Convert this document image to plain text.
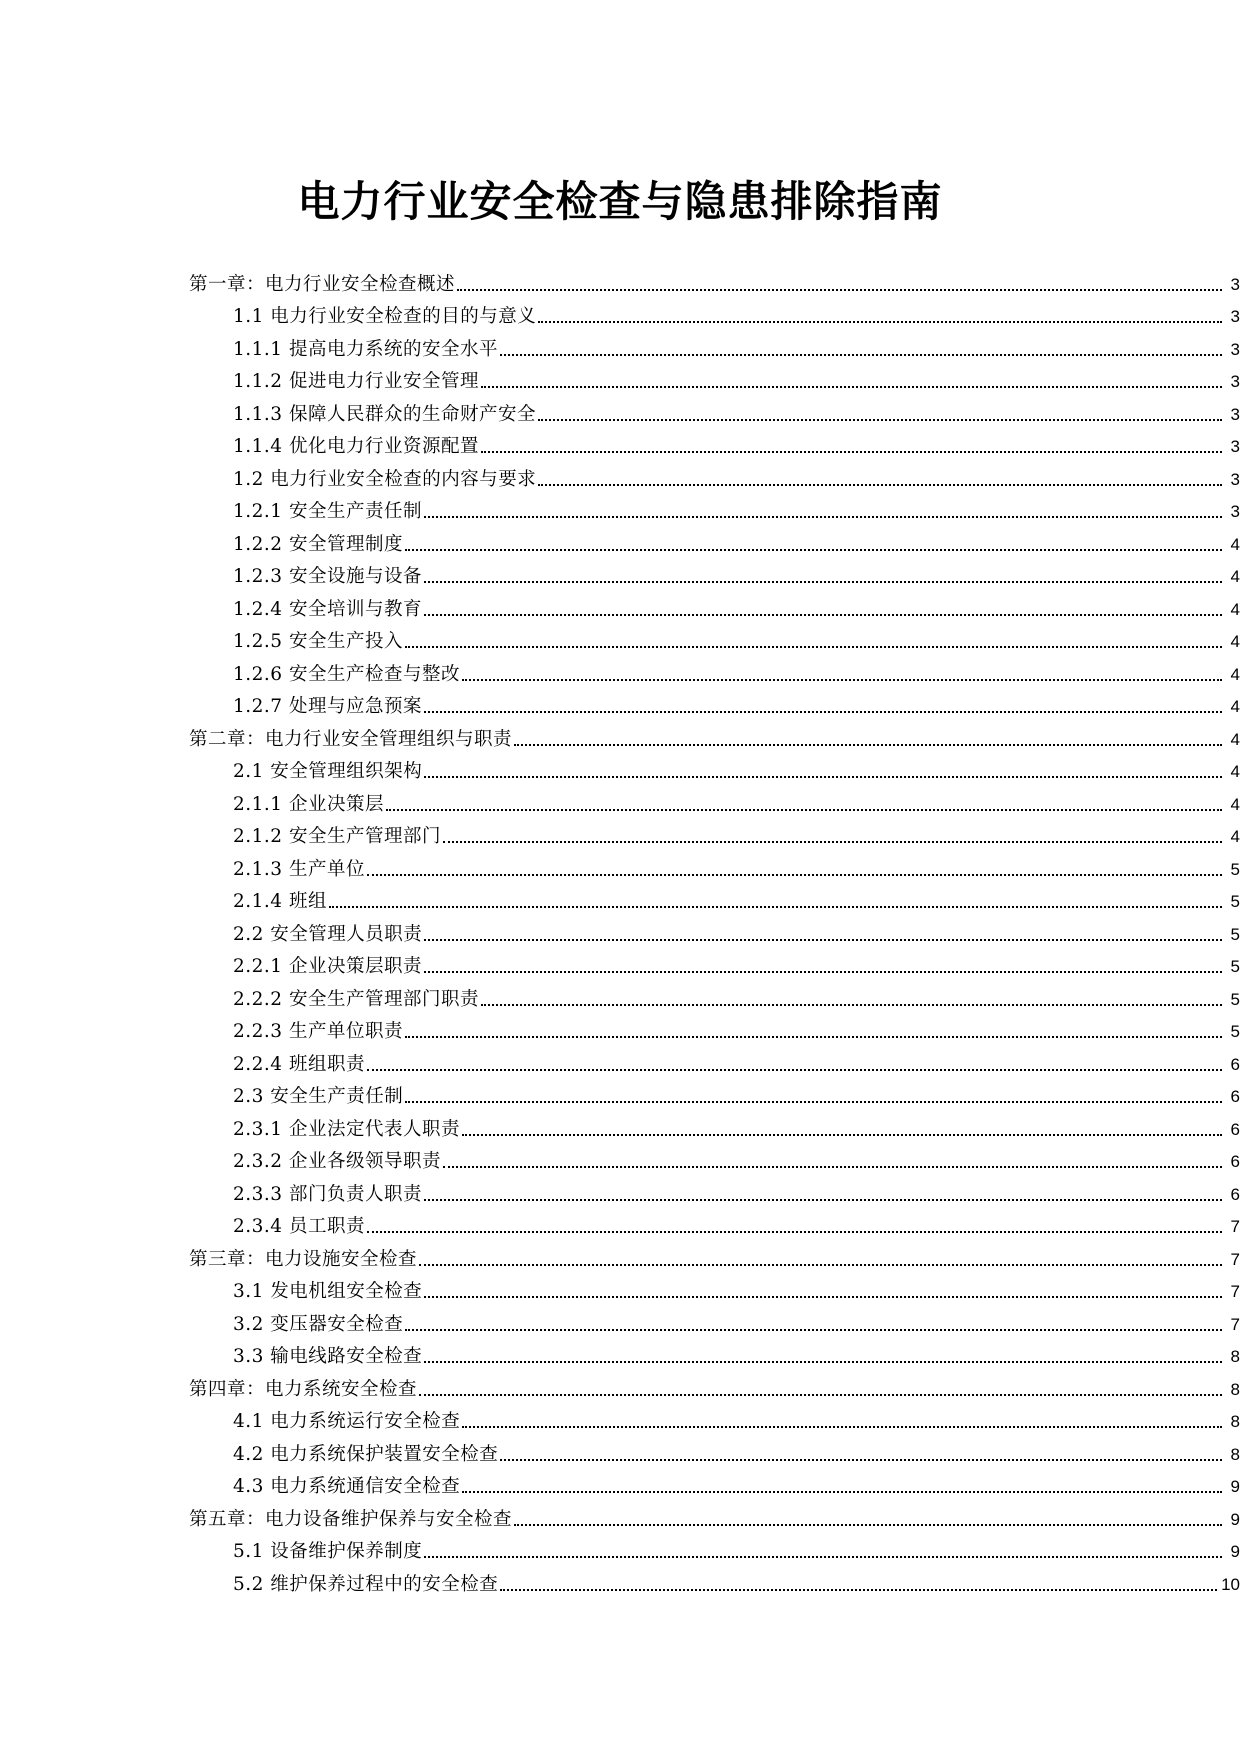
电力行业安全检查与隐患排除指南
第一章：电力行业安全检查概述	3
1.1 电力行业安全检查的目的与意义	3
1.1.1 提高电力系统的安全水平	3
1.1.2 促进电力行业安全管理	3
1.1.3 保障人民群众的生命财产安全	3
1.1.4 优化电力行业资源配置	3
1.2 电力行业安全检查的内容与要求	3
1.2.1 安全生产责任制	3
1.2.2 安全管理制度	4
1.2.3 安全设施与设备	4
1.2.4 安全培训与教育	4
1.2.5 安全生产投入	4
1.2.6 安全生产检查与整改	4
1.2.7 处理与应急预案	4
第二章：电力行业安全管理组织与职责	4
2.1 安全管理组织架构	4
2.1.1 企业决策层	4
2.1.2 安全生产管理部门	4
2.1.3 生产单位	5
2.1.4 班组	5
2.2 安全管理人员职责	5
2.2.1 企业决策层职责	5
2.2.2 安全生产管理部门职责	5
2.2.3 生产单位职责	5
2.2.4 班组职责	6
2.3 安全生产责任制	6
2.3.1 企业法定代表人职责	6
2.3.2 企业各级领导职责	6
2.3.3 部门负责人职责	6
2.3.4 员工职责	7
第三章：电力设施安全检查	7
3.1 发电机组安全检查	7
3.2 变压器安全检查	7
3.3 输电线路安全检查	8
第四章：电力系统安全检查	8
4.1 电力系统运行安全检查	8
4.2 电力系统保护装置安全检查	8
4.3 电力系统通信安全检查	9
第五章：电力设备维护保养与安全检查	9
5.1 设备维护保养制度	9
5.2 维护保养过程中的安全检查	10
